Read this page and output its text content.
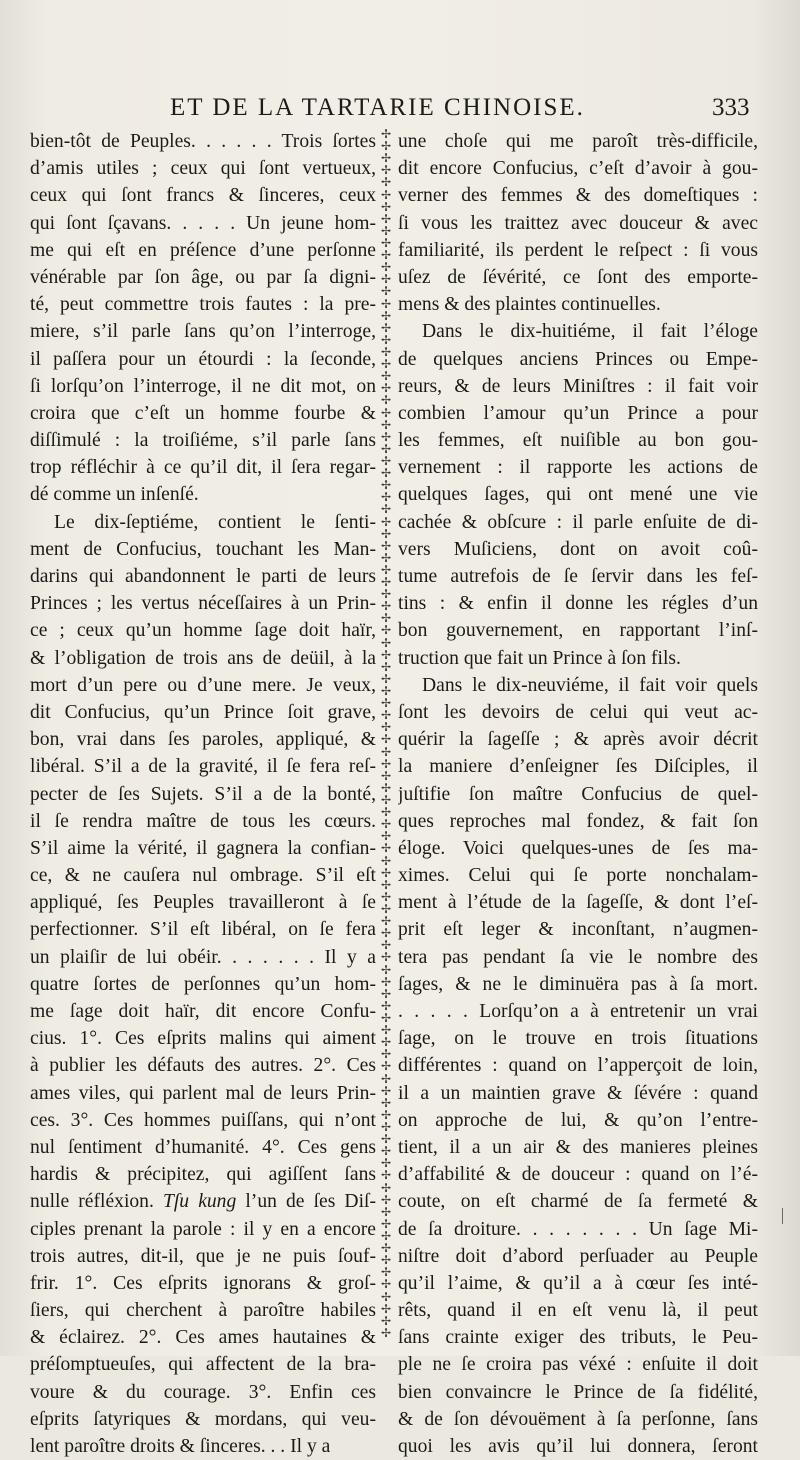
ET DE LA TARTARIE CHINOISE.	333
bien-tôt de Peuples. . . . . . Trois ſortes
d’amis utiles ; ceux qui ſont vertueux,
ceux qui ſont francs & ſinceres, ceux
qui ſont ſçavans. . . . . Un jeune hom-
me qui eſt en préſence d’une perſonne
vénérable par ſon âge, ou par ſa digni-
té, peut commettre trois fautes : la pre-
miere, s’il parle ſans qu’on l’interroge,
il paſſera pour un étourdi : la ſeconde,
ſi lorſqu’on l’interroge, il ne dit mot, on
croira que c’eſt un homme fourbe &
diſſimulé : la troiſiéme, s’il parle ſans
trop réfléchir à ce qu’il dit, il ſera regar-
dé comme un inſenſé.
Le dix-ſeptiéme, contient le ſenti-
ment de Confucius, touchant les Man-
darins qui abandonnent le parti de leurs
Princes ; les vertus néceſſaires à un Prin-
ce ; ceux qu’un homme ſage doit haïr,
& l’obligation de trois ans de deüil, à la
mort d’un pere ou d’une mere. Je veux,
dit Confucius, qu’un Prince ſoit grave,
bon, vrai dans ſes paroles, appliqué, &
libéral. S’il a de la gravité, il ſe fera reſ-
pecter de ſes Sujets. S’il a de la bonté,
il ſe rendra maître de tous les cœurs.
S’il aime la vérité, il gagnera la confian-
ce, & ne cauſera nul ombrage. S’il eſt
appliqué, ſes Peuples travailleront à ſe
perfectionner. S’il eſt libéral, on ſe fera
un plaiſir de lui obéir. . . . . . . Il y a
quatre ſortes de perſonnes qu’un hom-
me ſage doit haïr, dit encore Confu-
cius. 1°. Ces eſprits malins qui aiment
à publier les défauts des autres. 2°. Ces
ames viles, qui parlent mal de leurs Prin-
ces. 3°. Ces hommes puiſſans, qui n’ont
nul ſentiment d’humanité. 4°. Ces gens
hardis & précipitez, qui agiſſent ſans
nulle réfléxion. Tſu kung l’un de ſes Diſ-
ciples prenant la parole : il y en a encore
trois autres, dit-il, que je ne puis ſouf-
frir. 1°. Ces eſprits ignorans & groſ-
ſiers, qui cherchent à paroître habiles
& éclairez. 2°. Ces ames hautaines &
préſomptueuſes, qui affectent de la bra-
voure & du courage. 3°. Enfin ces
eſprits ſatyriques & mordans, qui veu-
lent paroître droits & ſinceres. . . Il y a
✢
✢
✢
✢
✢
✢
✢
✢
✢
✢
✢
✢
✢
✢
✢
✢
✢
✢
✢
✢
✢
✢
✢
✢
✢
✢
✢
✢
✢
✢
✢
✢
✢
✢
✢
✢
✢
✢
✢
✢
✢
✢
✢
✢
✢
✢
✢
✢
✢
✢
✢
✢
✢
✢
✢
✢
✢
✢
✢
✢
✢
✢
✢
✢
✢
✢
✢
✢
✢
✢
✢
✢
✢
✢
✢
✢
✢
✢
✢
✢
✢
✢
✢
✢
✢
✢
✢
✢
✢
✢
✢
✢
✢
✢
✢
✢
✢
✢
✢
✢
une choſe qui me paroît très-difficile,
dit encore Confucius, c’eſt d’avoir à gou-
verner des femmes & des domeſtiques :
ſi vous les traittez avec douceur & avec
familiarité, ils perdent le reſpect : ſi vous
uſez de ſévérité, ce ſont des emporte-
mens & des plaintes continuelles.
Dans le dix-huitiéme, il fait l’éloge
de quelques anciens Princes ou Empe-
reurs, & de leurs Miniſtres : il fait voir
combien l’amour qu’un Prince a pour
les femmes, eſt nuiſible au bon gou-
vernement : il rapporte les actions de
quelques ſages, qui ont mené une vie
cachée & obſcure : il parle enſuite de di-
vers Muſiciens, dont on avoit coû-
tume autrefois de ſe ſervir dans les feſ-
tins : & enfin il donne les régles d’un
bon gouvernement, en rapportant l’inſ-
truction que fait un Prince à ſon fils.
Dans le dix-neuviéme, il fait voir quels
ſont les devoirs de celui qui veut ac-
quérir la ſageſſe ; & après avoir décrit
la maniere d’enſeigner ſes Diſciples, il
juſtifie ſon maître Confucius de quel-
ques reproches mal fondez, & fait ſon
éloge. Voici quelques-unes de ſes ma-
ximes. Celui qui ſe porte nonchalam-
ment à l’étude de la ſageſſe, & dont l’eſ-
prit eſt leger & inconſtant, n’augmen-
tera pas pendant ſa vie le nombre des
ſages, & ne le diminuëra pas à ſa mort.
. . . . . Lorſqu’on a à entretenir un vrai
ſage, on le trouve en trois ſituations
différentes : quand on l’apperçoit de loin,
il a un maintien grave & ſévére : quand
on approche de lui, & qu’on l’entre-
tient, il a un air & des manieres pleines
d’affabilité & de douceur : quand on l’é-
coute, on eſt charmé de ſa fermeté &
de ſa droiture. . . . . . . . Un ſage Mi-
niſtre doit d’abord perſuader au Peuple
qu’il l’aime, & qu’il a à cœur ſes inté-
rêts, quand il en eſt venu là, il peut
ſans crainte exiger des tributs, le Peu-
ple ne ſe croira pas véxé : enſuite il doit
bien convaincre le Prince de ſa fidélité,
& de ſon dévouëment à ſa perſonne, ſans
quoi les avis qu’il lui donnera, ſeront
